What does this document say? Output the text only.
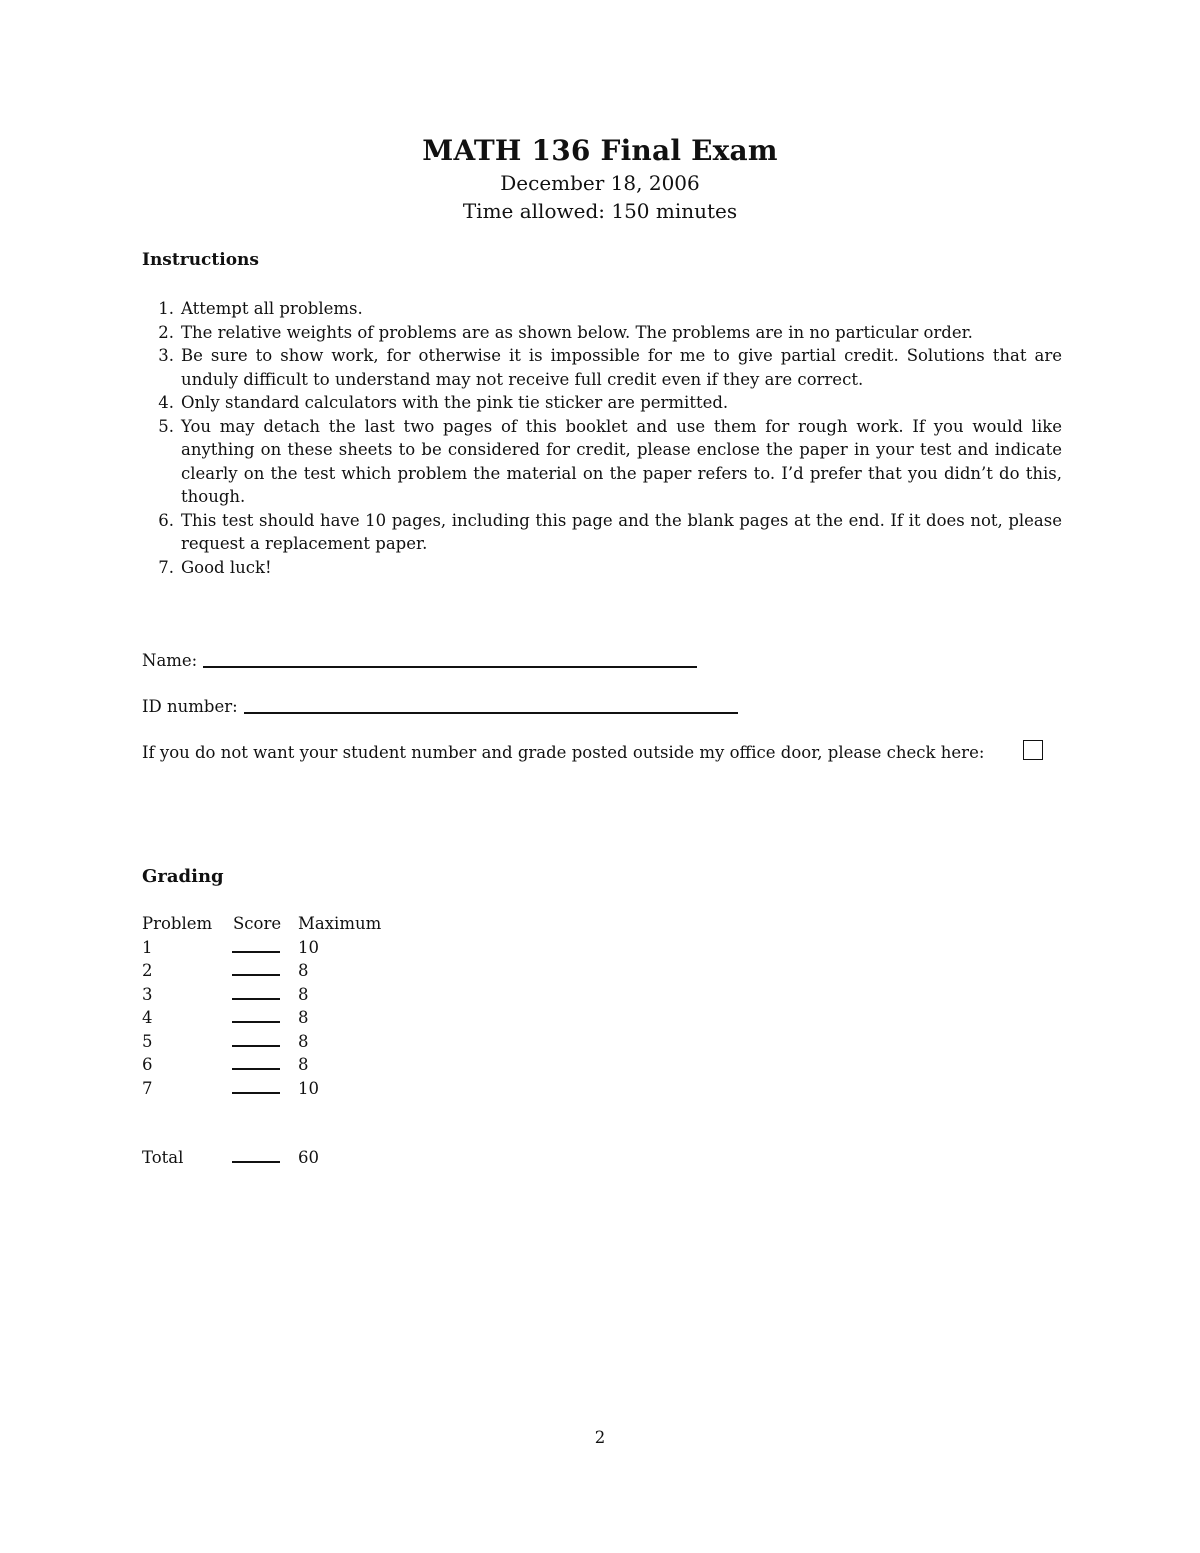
MATH 136 Final Exam
December 18, 2006
Time allowed: 150 minutes
Instructions
1. Attempt all problems.
2. The relative weights of problems are as shown below. The problems are in no particular order.
3. Be sure to show work, for otherwise it is impossible for me to give partial credit. Solutions that are unduly difficult to understand may not receive full credit even if they are correct.
4. Only standard calculators with the pink tie sticker are permitted.
5. You may detach the last two pages of this booklet and use them for rough work. If you would like anything on these sheets to be considered for credit, please enclose the paper in your test and indicate clearly on the test which problem the material on the paper refers to. I’d prefer that you didn’t do this, though.
6. This test should have 10 pages, including this page and the blank pages at the end. If it does not, please request a replacement paper.
7. Good luck!
Name:
ID number:
If you do not want your student number and grade posted outside my office door, please check here:
Grading
Problem Score Maximum
1	10
2	8
3	8
4	8
5	8
6	8
7	10
Total	60
2
